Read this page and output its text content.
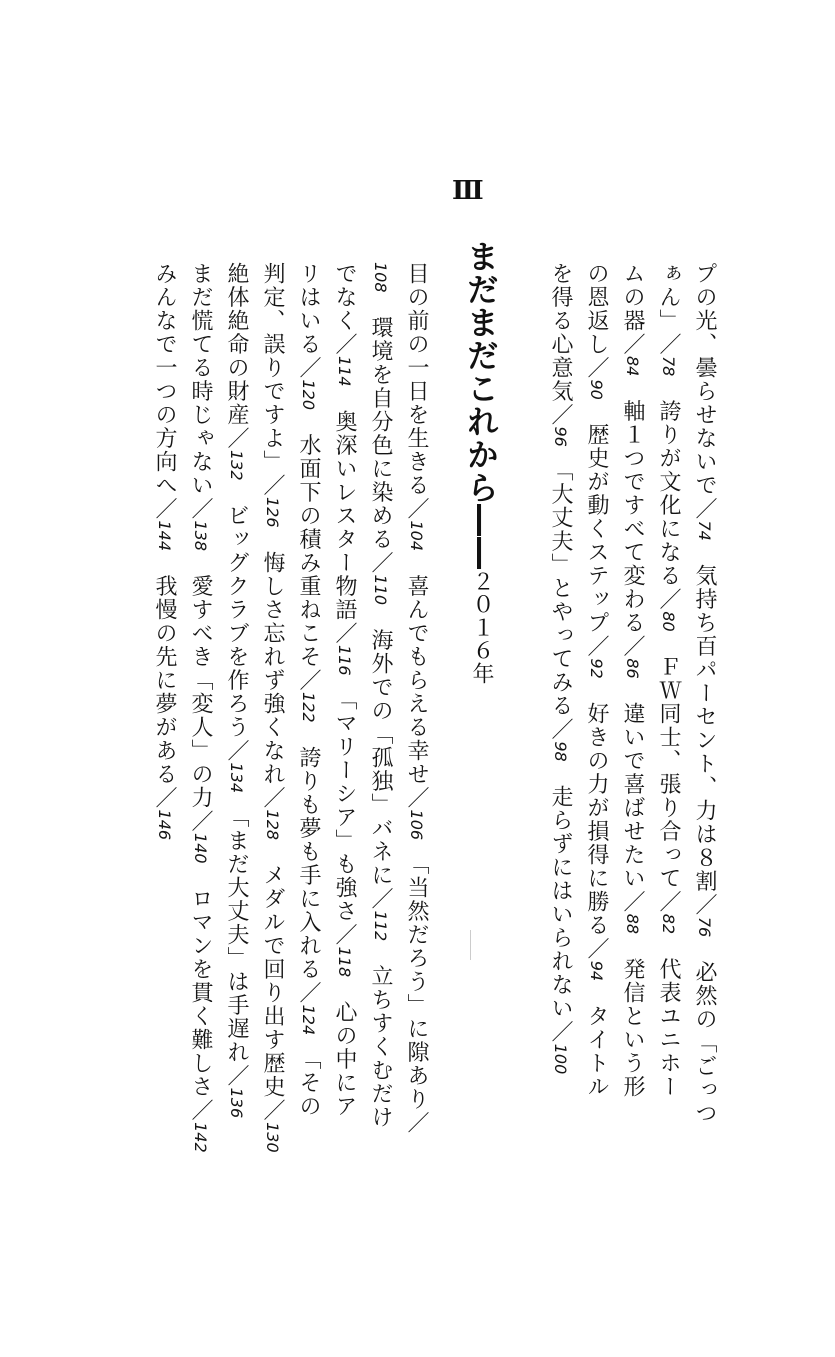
Ⅲ
まだまだこれから――２０１６年
プの光、曇らせないで／74　気持ち百パーセント、力は８割／76　必然の「ごっつ
ぁん」／78　誇りが文化になる／80　ＦＷ同士、張り合って／82　代表ユニホー
ムの器／84　軸１つですべて変わる／86　違いで喜ばせたい／88　発信という形
の恩返し／90　歴史が動くステップ／92　好きの力が損得に勝る／94　タイトル
を得る心意気／96　「大丈夫」とやってみる／98　走らずにはいられない／100
目の前の一日を生きる／104　喜んでもらえる幸せ／106　「当然だろう」に隙あり／
108　環境を自分色に染める／110　海外での「孤独」バネに／112　立ちすくむだけ
でなく／114　奥深いレスター物語／116　「マリーシア」も強さ／118　心の中にア
リはいる／120　水面下の積み重ねこそ／122　誇りも夢も手に入れる／124　「その
判定、誤りですよ」／126　悔しさ忘れず強くなれ／128　メダルで回り出す歴史／130
絶体絶命の財産／132　ビッグクラブを作ろう／134　「まだ大丈夫」は手遅れ／136
まだ慌てる時じゃない／138　愛すべき「変人」の力／140　ロマンを貫く難しさ／142
みんなで一つの方向へ／144　我慢の先に夢がある／146
